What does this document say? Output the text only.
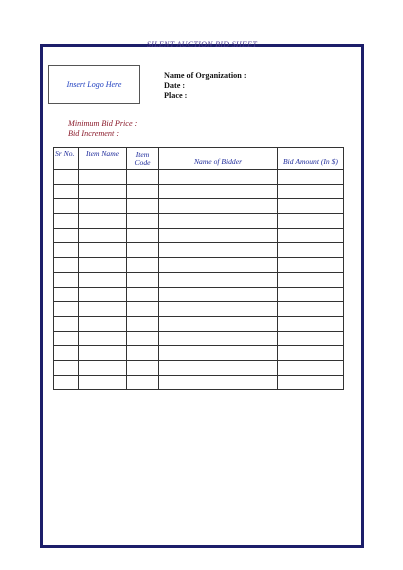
SILENT AUCTION BID SHEET
Insert Logo Here
Name of Organization :
Date :
Place :
Minimum Bid Price :
Bid Increment :
Sr No.	Item Name	Item Code	Name of Bidder	Bid Amount (In $)
